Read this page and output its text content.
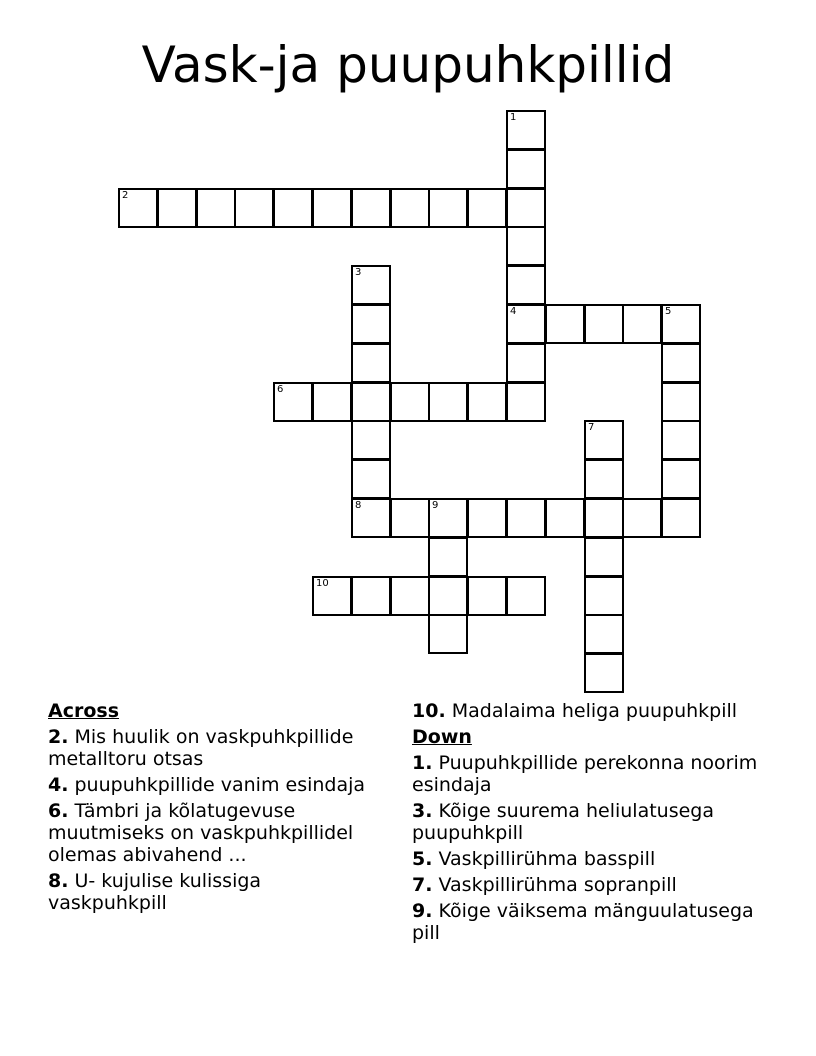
Vask-ja puupuhkpillid
1
4
2
3
8
5
6
7
9
10
Across
2. Mis huulik on vaskpuhkpillide metalltoru otsas
4. puupuhkpillide vanim esindaja
6. Tämbri ja kõlatugevuse muutmiseks on vaskpuhkpillidel olemas abivahend ...
8. U- kujulise kulissiga vaskpuhkpill
10. Madalaima heliga puupuhkpill
Down
1. Puupuhkpillide perekonna noorim esindaja
3. Kõige suurema heliulatusega puupuhkpill
5. Vaskpillirühma basspill
7. Vaskpillirühma sopranpill
9. Kõige väiksema mänguulatusega pill
